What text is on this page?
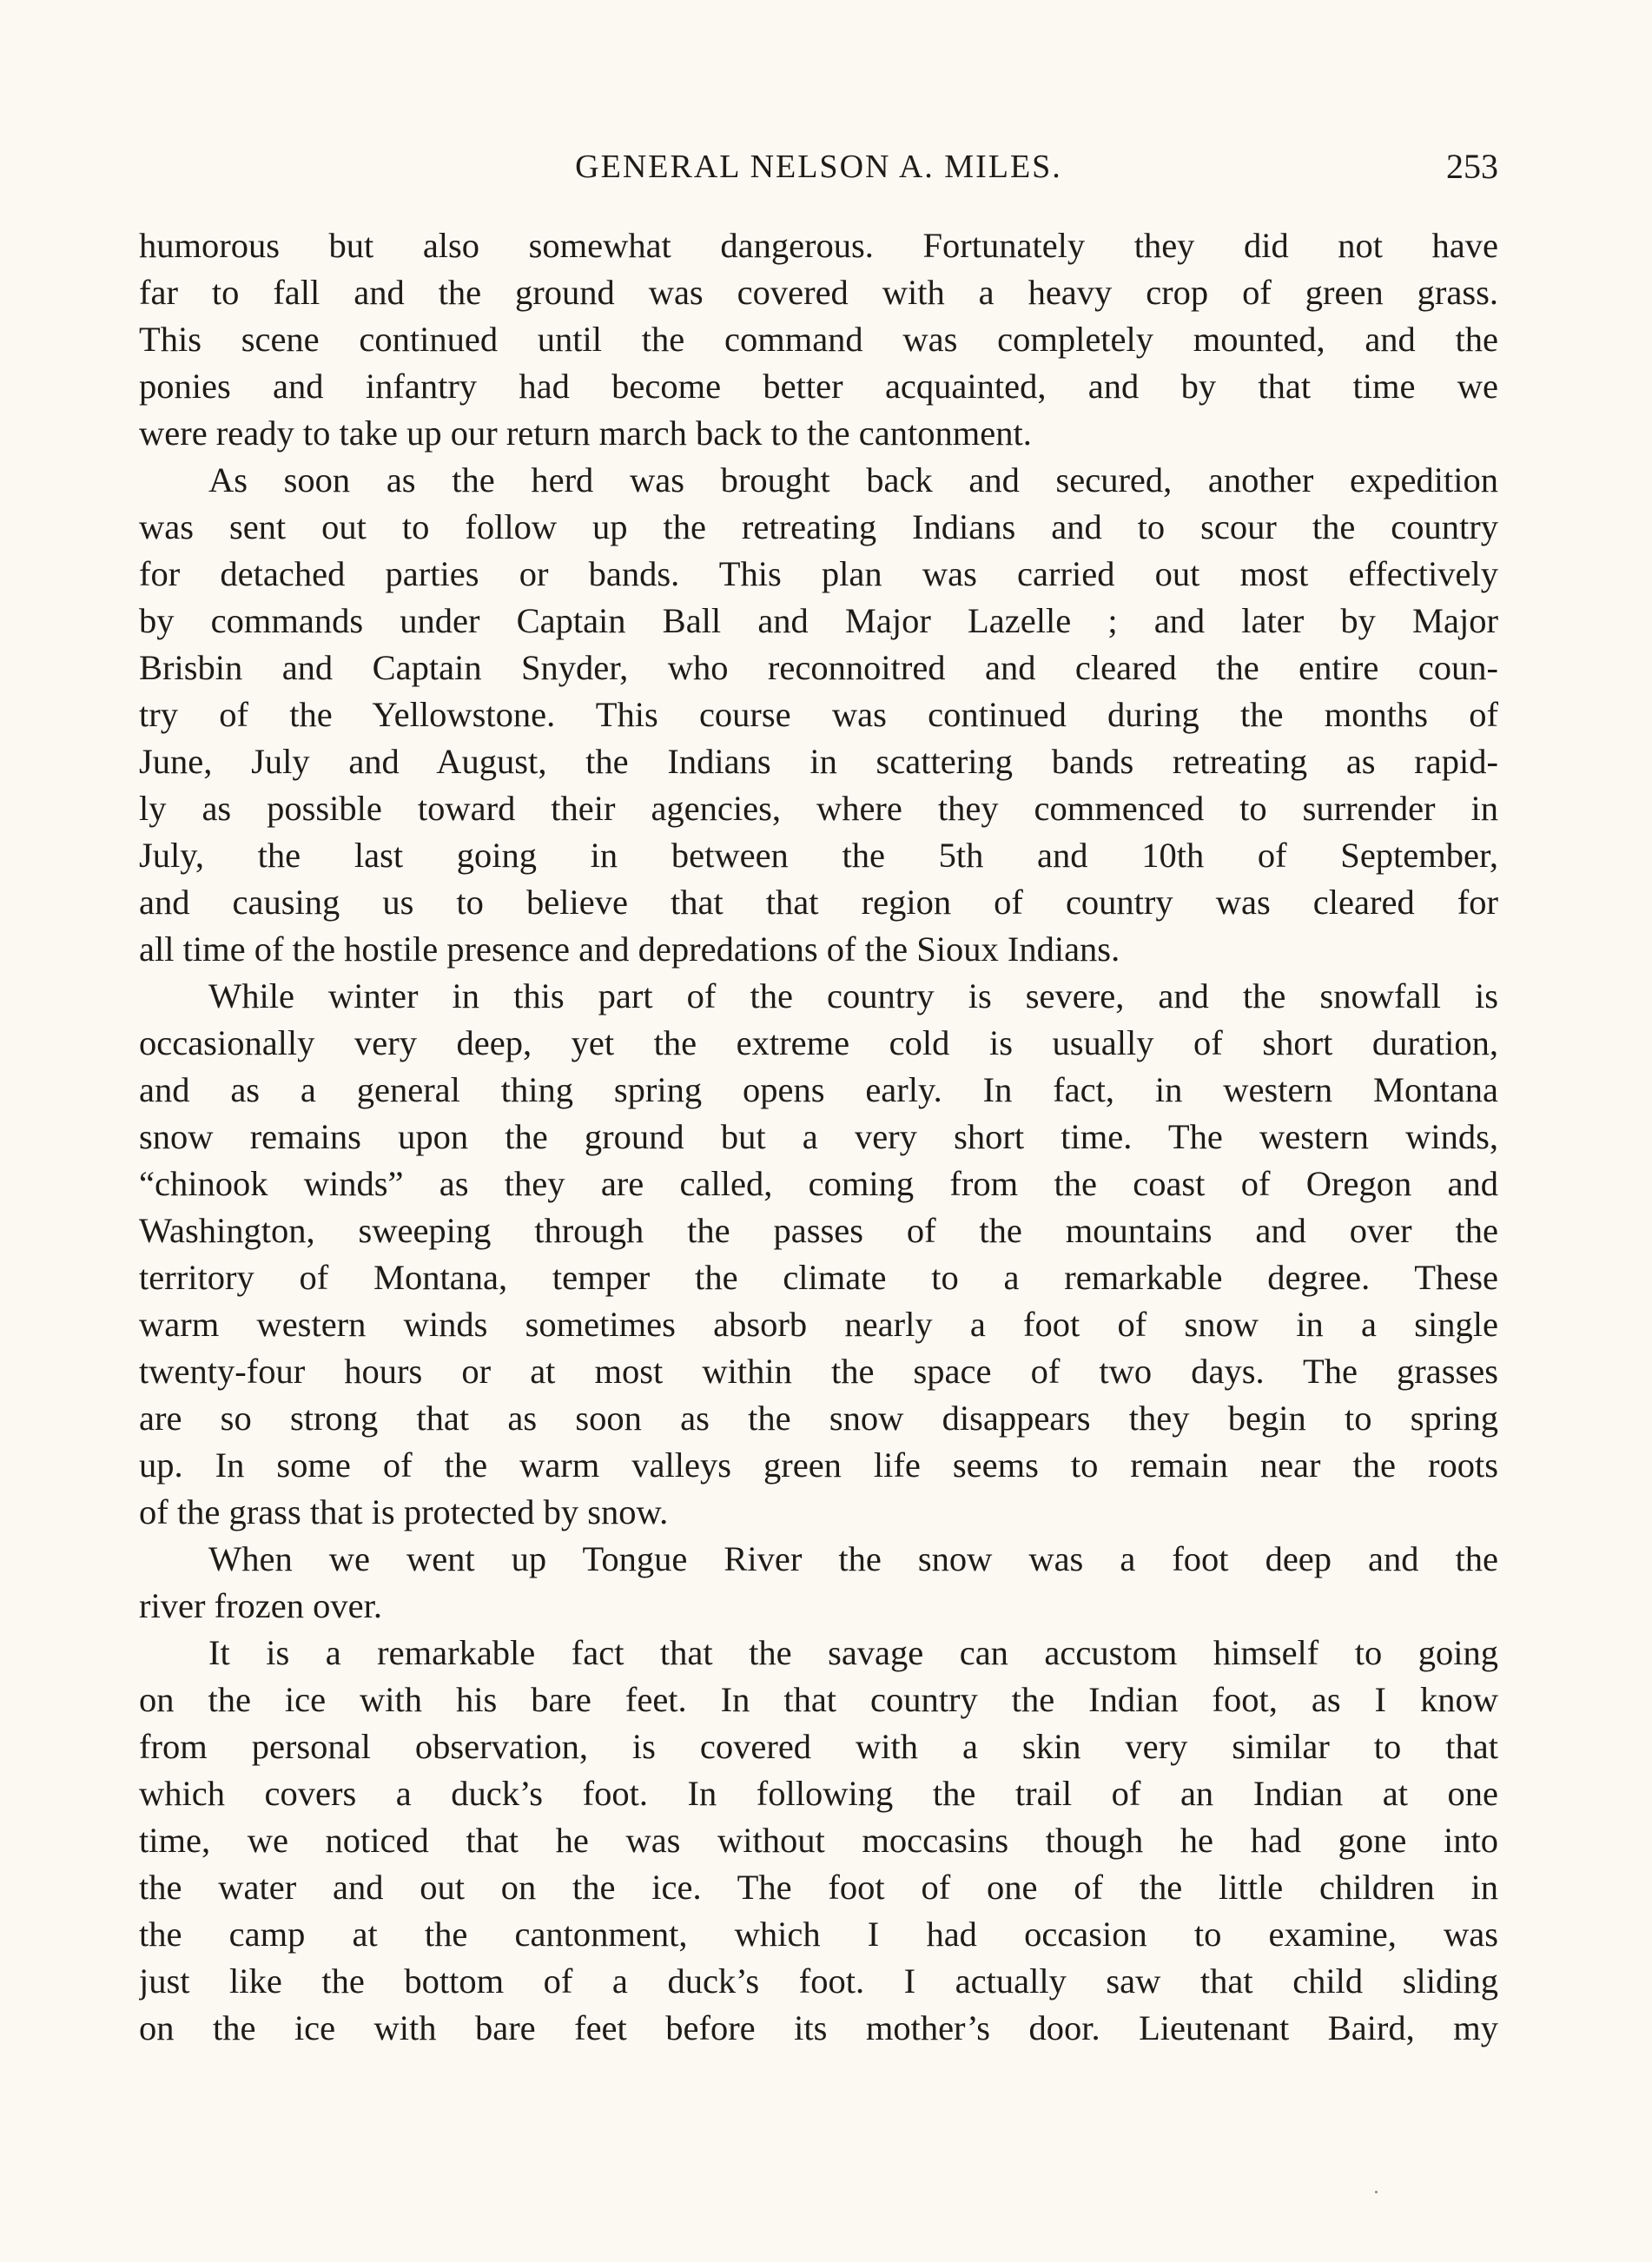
GENERAL NELSON A. MILES.	253
humorous but also somewhat dangerous. Fortunately they did not have
far to fall and the ground was covered with a heavy crop of green grass.
This scene continued until the command was completely mounted, and the
ponies and infantry had become better acquainted, and by that time we
were ready to take up our return march back to the cantonment.
As soon as the herd was brought back and secured, another expedition
was sent out to follow up the retreating Indians and to scour the country
for detached parties or bands. This plan was carried out most effectively
by commands under Captain Ball and Major Lazelle ; and later by Major
Brisbin and Captain Snyder, who reconnoitred and cleared the entire coun-
try of the Yellowstone. This course was continued during the months of
June, July and August, the Indians in scattering bands retreating as rapid-
ly as possible toward their agencies, where they commenced to surrender in
July, the last going in between the 5th and 10th of September,
and causing us to believe that that region of country was cleared for
all time of the hostile presence and depredations of the Sioux Indians.
While winter in this part of the country is severe, and the snowfall is
occasionally very deep, yet the extreme cold is usually of short duration,
and as a general thing spring opens early. In fact, in western Montana
snow remains upon the ground but a very short time. The western winds,
“chinook winds” as they are called, coming from the coast of Oregon and
Washington, sweeping through the passes of the mountains and over the
territory of Montana, temper the climate to a remarkable degree. These
warm western winds sometimes absorb nearly a foot of snow in a single
twenty-four hours or at most within the space of two days. The grasses
are so strong that as soon as the snow disappears they begin to spring
up. In some of the warm valleys green life seems to remain near the roots
of the grass that is protected by snow.
When we went up Tongue River the snow was a foot deep and the
river frozen over.
It is a remarkable fact that the savage can accustom himself to going
on the ice with his bare feet. In that country the Indian foot, as I know
from personal observation, is covered with a skin very similar to that
which covers a duck’s foot. In following the trail of an Indian at one
time, we noticed that he was without moccasins though he had gone into
the water and out on the ice. The foot of one of the little children in
the camp at the cantonment, which I had occasion to examine, was
just like the bottom of a duck’s foot. I actually saw that child sliding
on the ice with bare feet before its mother’s door. Lieutenant Baird, my
